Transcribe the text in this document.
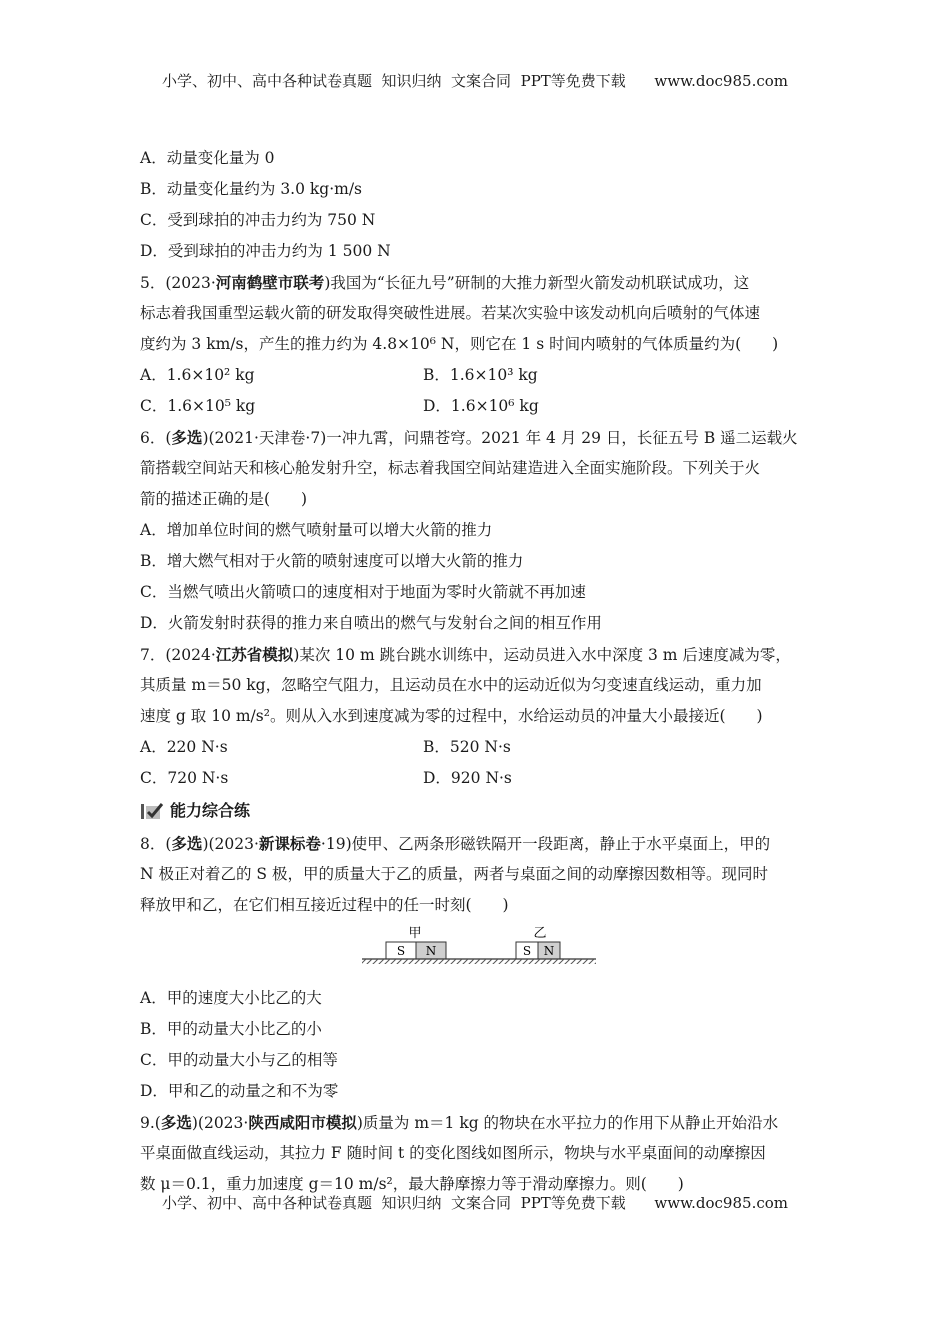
小学、初中、高中各种试卷真题  知识归纳  文案合同  PPT等免费下载      www.doc985.com
A．动量变化量为 0
B．动量变化量约为 3.0 kg·m/s
C．受到球拍的冲击力约为 750 N
D．受到球拍的冲击力约为 1 500 N
5．(2023·河南鹤壁市联考)我国为“长征九号”研制的大推力新型火箭发动机联试成功，这
标志着我国重型运载火箭的研发取得突破性进展。若某次实验中该发动机向后喷射的气体速
度约为 3 km/s，产生的推力约为 4.8×10⁶ N，则它在 1 s 时间内喷射的气体质量约为(　　)
A．1.6×10² kg	B．1.6×10³ kg
C．1.6×10⁵ kg	D．1.6×10⁶ kg
6．(多选)(2021·天津卷·7)一冲九霄，问鼎苍穹。2021 年 4 月 29 日，长征五号 B 遥二运载火
箭搭载空间站天和核心舱发射升空，标志着我国空间站建造进入全面实施阶段。下列关于火
箭的描述正确的是(　　)
A．增加单位时间的燃气喷射量可以增大火箭的推力
B．增大燃气相对于火箭的喷射速度可以增大火箭的推力
C．当燃气喷出火箭喷口的速度相对于地面为零时火箭就不再加速
D．火箭发射时获得的推力来自喷出的燃气与发射台之间的相互作用
7．(2024·江苏省模拟)某次 10 m 跳台跳水训练中，运动员进入水中深度 3 m 后速度减为零，
其质量 m＝50 kg，忽略空气阻力，且运动员在水中的运动近似为匀变速直线运动，重力加
速度 g 取 10 m/s²。则从入水到速度减为零的过程中，水给运动员的冲量大小最接近(　　)
A．220 N·s	B．520 N·s
C．720 N·s	D．920 N·s
能力综合练
8．(多选)(2023·新课标卷·19)使甲、乙两条形磁铁隔开一段距离，静止于水平桌面上，甲的
N 极正对着乙的 S 极，甲的质量大于乙的质量，两者与桌面之间的动摩擦因数相等。现同时
释放甲和乙，在它们相互接近过程中的任一时刻(　　)
甲	乙
S N	S N
A．甲的速度大小比乙的大
B．甲的动量大小比乙的小
C．甲的动量大小与乙的相等
D．甲和乙的动量之和不为零
9.(多选)(2023·陕西咸阳市模拟)质量为 m＝1 kg 的物块在水平拉力的作用下从静止开始沿水
平桌面做直线运动，其拉力 F 随时间 t 的变化图线如图所示，物块与水平桌面间的动摩擦因
数 μ＝0.1，重力加速度 g＝10 m/s²，最大静摩擦力等于滑动摩擦力。则(　　)
小学、初中、高中各种试卷真题  知识归纳  文案合同  PPT等免费下载      www.doc985.com
